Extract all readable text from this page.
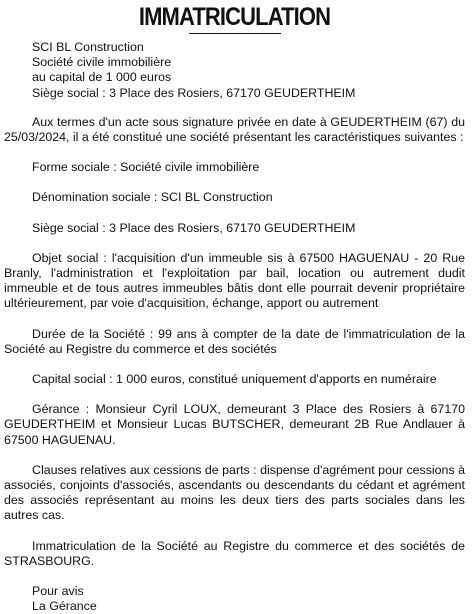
IMMATRICULATION
SCI BL Construction
Société civile immobilière
au capital de 1 000 euros
Siège social : 3 Place des Rosiers, 67170 GEUDERTHEIM

Aux termes d'un acte sous signature privée en date à GEUDERTHEIM (67) du 25/03/2024, il a été constitué une société présentant les caractéristiques suivantes :

Forme sociale : Société civile immobilière

Dénomination sociale : SCI BL Construction

Siège social : 3 Place des Rosiers, 67170 GEUDERTHEIM

Objet social : l'acquisition d'un immeuble sis à 67500 HAGUENAU - 20 Rue Branly, l'administration et l'exploitation par bail, location ou autrement dudit immeuble et de tous autres immeubles bâtis dont elle pourrait devenir propriétaire ultérieurement, par voie d'acquisition, échange, apport ou autrement

Durée de la Société : 99 ans à compter de la date de l'immatriculation de la Société au Registre du commerce et des sociétés

Capital social : 1 000 euros, constitué uniquement d'apports en numéraire

Gérance : Monsieur Cyril LOUX, demeurant 3 Place des Rosiers à 67170 GEUDERTHEIM et Monsieur Lucas BUTSCHER, demeurant 2B Rue Andlauer à 67500 HAGUENAU.

Clauses relatives aux cessions de parts : dispense d'agrément pour cessions à associés, conjoints d'associés, ascendants ou descendants du cédant et agrément des associés représentant au moins les deux tiers des parts sociales dans les autres cas.

Immatriculation de la Société au Registre du commerce et des sociétés de STRASBOURG.

Pour avis
La Gérance
